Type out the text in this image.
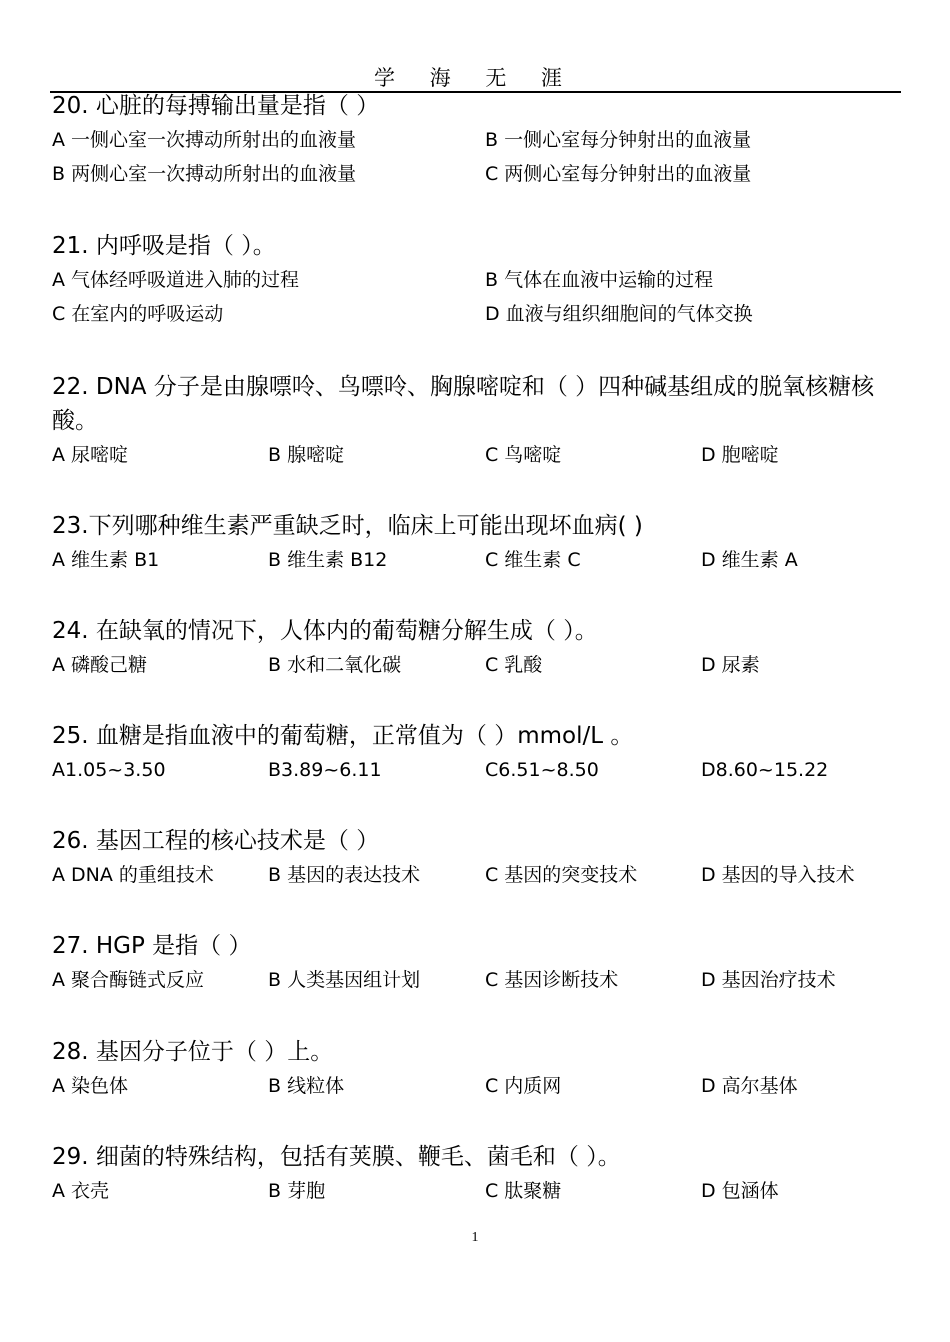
学 海 无 涯
20. 心脏的每搏输出量是指（ ）
A 一侧心室一次搏动所射出的血液量	B 一侧心室每分钟射出的血液量
B 两侧心室一次搏动所射出的血液量	C 两侧心室每分钟射出的血液量
21. 内呼吸是指（ ）。
A 气体经呼吸道进入肺的过程	B 气体在血液中运输的过程
C 在室内的呼吸运动	D 血液与组织细胞间的气体交换
22. DNA 分子是由腺嘌呤、鸟嘌呤、胸腺嘧啶和（ ）四种碱基组成的脱氧核糖核酸。
A 尿嘧啶	B 腺嘧啶	C 鸟嘧啶	D 胞嘧啶
23.下列哪种维生素严重缺乏时，临床上可能出现坏血病( )
A 维生素 B1	B 维生素 B12	C 维生素 C	D 维生素 A
24. 在缺氧的情况下，人体内的葡萄糖分解生成（ ）。
A 磷酸己糖	B 水和二氧化碳	C 乳酸	D 尿素
25. 血糖是指血液中的葡萄糖，正常值为（ ）mmol/L 。
A1.05~3.50	B3.89~6.11	C6.51~8.50	D8.60~15.22
26. 基因工程的核心技术是（ ）
A DNA 的重组技术	B 基因的表达技术	C 基因的突变技术	D 基因的导入技术
27. HGP 是指（ ）
A 聚合酶链式反应	B 人类基因组计划	C 基因诊断技术	D 基因治疗技术
28. 基因分子位于（ ）上。
A 染色体	B 线粒体	C 内质网	D 高尔基体
29. 细菌的特殊结构，包括有荚膜、鞭毛、菌毛和（ ）。
A 衣壳	B 芽胞	C 肽聚糖	D 包涵体
1
